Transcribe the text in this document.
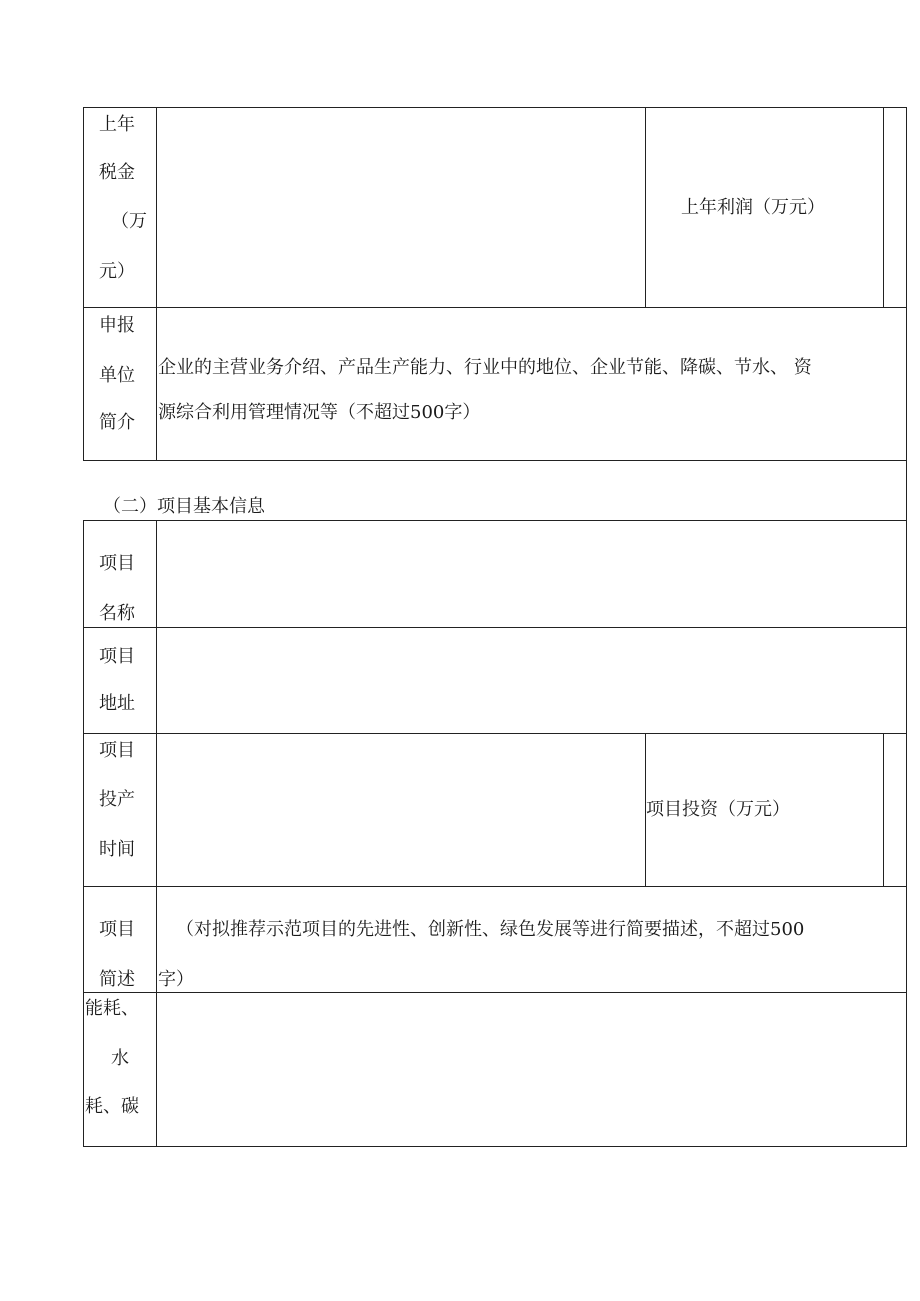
上年
税金
（万
元）
上年利润（万元）
申报
单位
简介
企业的主营业务介绍、产品生产能力、行业中的地位、企业节能、降碳、节水、 资
源综合利用管理情况等（不超过500字）
（二）项目基本信息
项目
名称
项目
地址
项目
投产
时间
项目投资（万元）
项目
简述
（对拟推荐示范项目的先进性、创新性、绿色发展等进行简要描述，不超过500
字）
能耗、
水
耗、碳
